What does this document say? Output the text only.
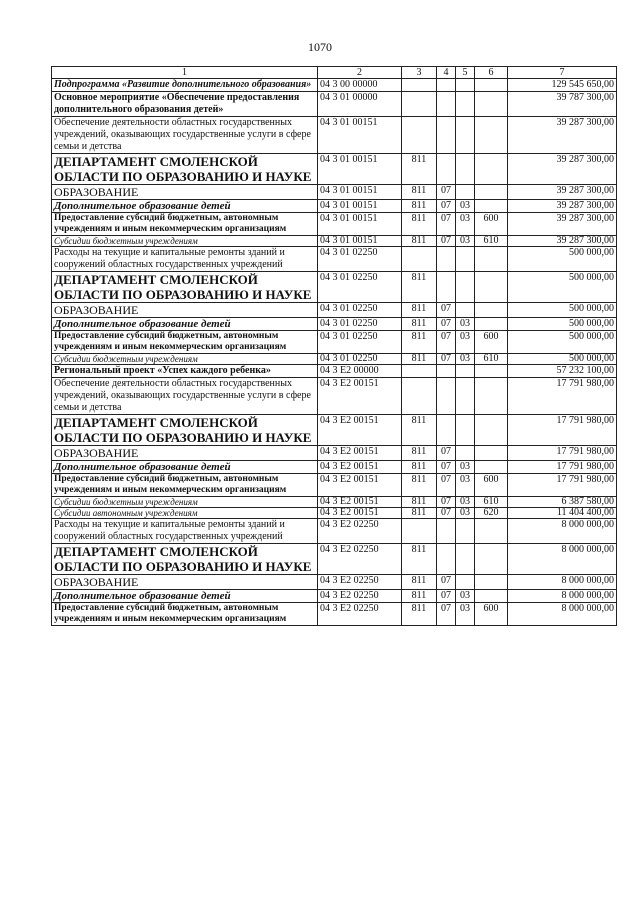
1070
1	2	3	4	5	6	7
Подпрограмма «Развитие дополнительного образования»	04 3 00 00000					129 545 650,00
Основное мероприятие «Обеспечение предоставления дополнительного образования детей»	04 3 01 00000					39 787 300,00
Обеспечение деятельности областных государственных учреждений, оказывающих государственные услуги в сфере семьи и детства	04 3 01 00151					39 287 300,00
ДЕПАРТАМЕНТ СМОЛЕНСКОЙ ОБЛАСТИ ПО ОБРАЗОВАНИЮ И НАУКЕ	04 3 01 00151	811				39 287 300,00
ОБРАЗОВАНИЕ	04 3 01 00151	811	07			39 287 300,00
Дополнительное образование детей	04 3 01 00151	811	07	03		39 287 300,00
Предоставление субсидий бюджетным, автономным учреждениям и иным некоммерческим организациям	04 3 01 00151	811	07	03	600	39 287 300,00
Субсидии бюджетным учреждениям	04 3 01 00151	811	07	03	610	39 287 300,00
Расходы на текущие и капитальные ремонты зданий и сооружений областных государственных учреждений	04 3 01 02250					500 000,00
ДЕПАРТАМЕНТ СМОЛЕНСКОЙ ОБЛАСТИ ПО ОБРАЗОВАНИЮ И НАУКЕ	04 3 01 02250	811				500 000,00
ОБРАЗОВАНИЕ	04 3 01 02250	811	07			500 000,00
Дополнительное образование детей	04 3 01 02250	811	07	03		500 000,00
Предоставление субсидий бюджетным, автономным учреждениям и иным некоммерческим организациям	04 3 01 02250	811	07	03	600	500 000,00
Субсидии бюджетным учреждениям	04 3 01 02250	811	07	03	610	500 000,00
Региональный проект «Успех каждого ребенка»	04 3 E2 00000					57 232 100,00
Обеспечение деятельности областных государственных учреждений, оказывающих государственные услуги в сфере семьи и детства	04 3 E2 00151					17 791 980,00
ДЕПАРТАМЕНТ СМОЛЕНСКОЙ ОБЛАСТИ ПО ОБРАЗОВАНИЮ И НАУКЕ	04 3 E2 00151	811				17 791 980,00
ОБРАЗОВАНИЕ	04 3 E2 00151	811	07			17 791 980,00
Дополнительное образование детей	04 3 E2 00151	811	07	03		17 791 980,00
Предоставление субсидий бюджетным, автономным учреждениям и иным некоммерческим организациям	04 3 E2 00151	811	07	03	600	17 791 980,00
Субсидии бюджетным учреждениям	04 3 E2 00151	811	07	03	610	6 387 580,00
Субсидии автономным учреждениям	04 3 E2 00151	811	07	03	620	11 404 400,00
Расходы на текущие и капитальные ремонты зданий и сооружений областных государственных учреждений	04 3 E2 02250					8 000 000,00
ДЕПАРТАМЕНТ СМОЛЕНСКОЙ ОБЛАСТИ ПО ОБРАЗОВАНИЮ И НАУКЕ	04 3 E2 02250	811				8 000 000,00
ОБРАЗОВАНИЕ	04 3 E2 02250	811	07			8 000 000,00
Дополнительное образование детей	04 3 E2 02250	811	07	03		8 000 000,00
Предоставление субсидий бюджетным, автономным учреждениям и иным некоммерческим организациям	04 3 E2 02250	811	07	03	600	8 000 000,00
